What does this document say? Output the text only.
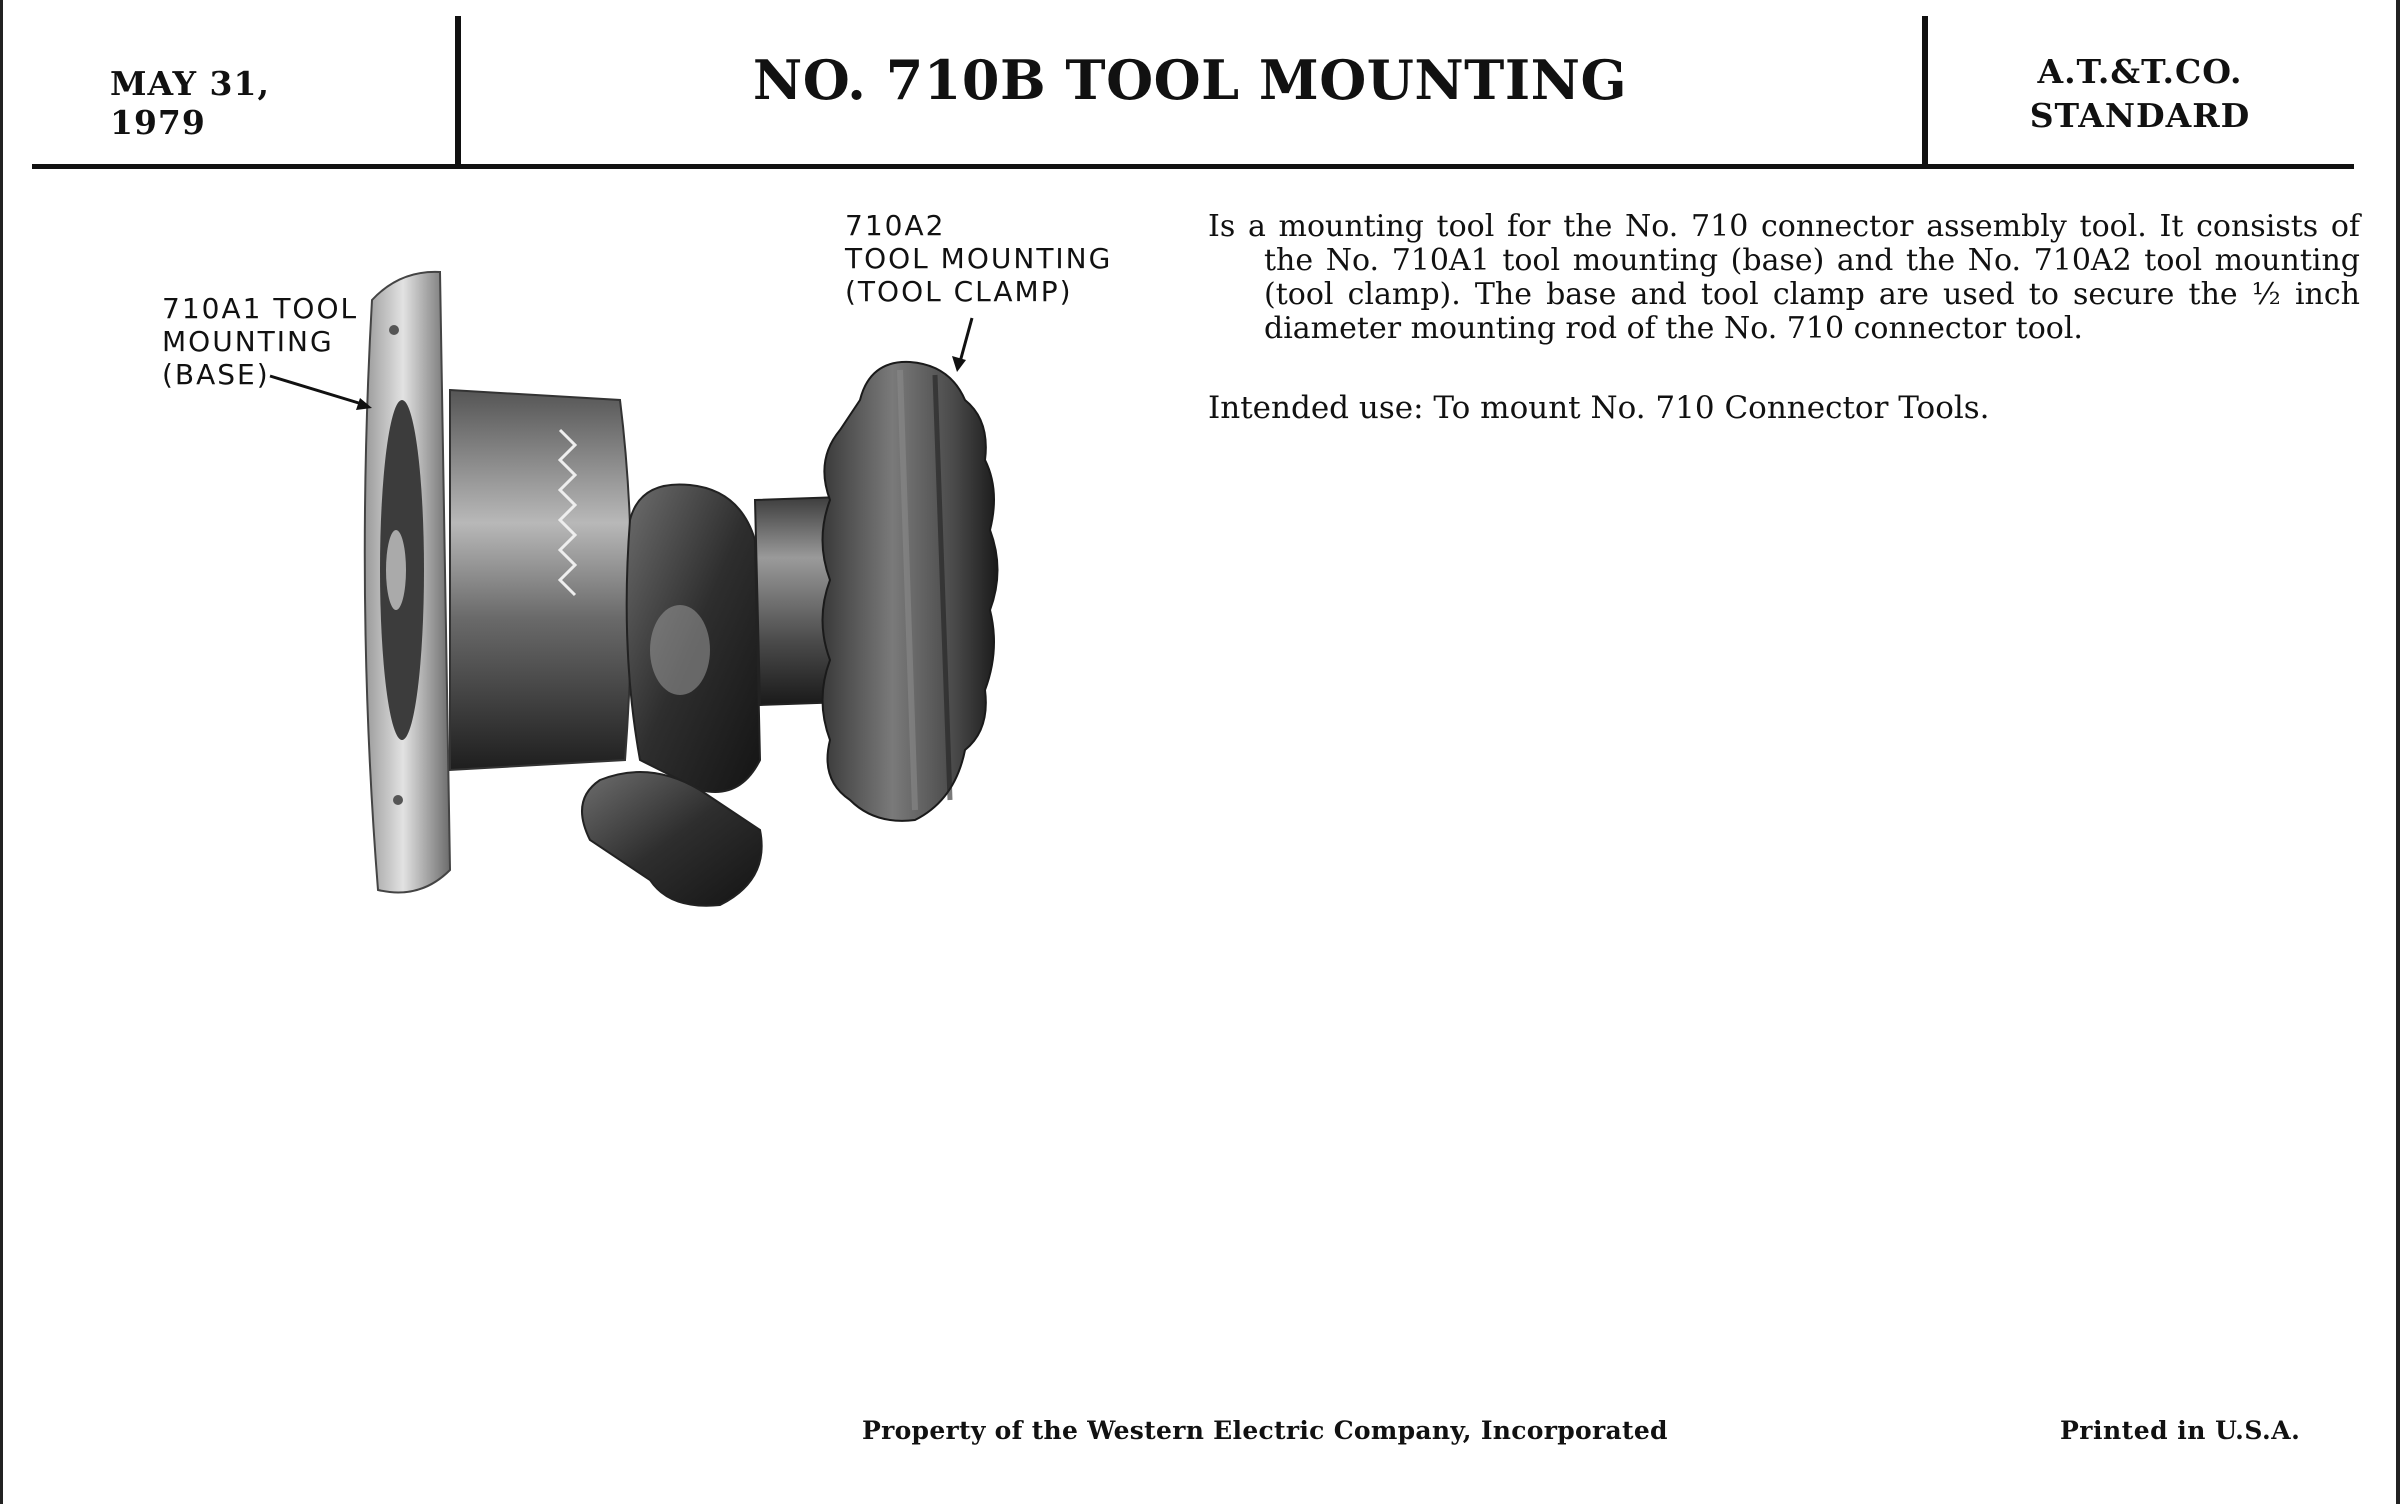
MAY 31, 1979
NO. 710B TOOL MOUNTING	A.T.&T.CO.
STANDARD
710A1 TOOL
MOUNTING
(BASE)
710A2
TOOL MOUNTING
(TOOL CLAMP)
Is a mounting tool for the No. 710 connector assembly tool. It consists of the No. 710A1 tool mounting (base) and the No. 710A2 tool mounting (tool clamp). The base and tool clamp are used to secure the ½ inch diameter mounting rod of the No. 710 connector tool.
Intended use: To mount No. 710 Connector Tools.
Property of the Western Electric Company, Incorporated	Printed in U.S.A.
